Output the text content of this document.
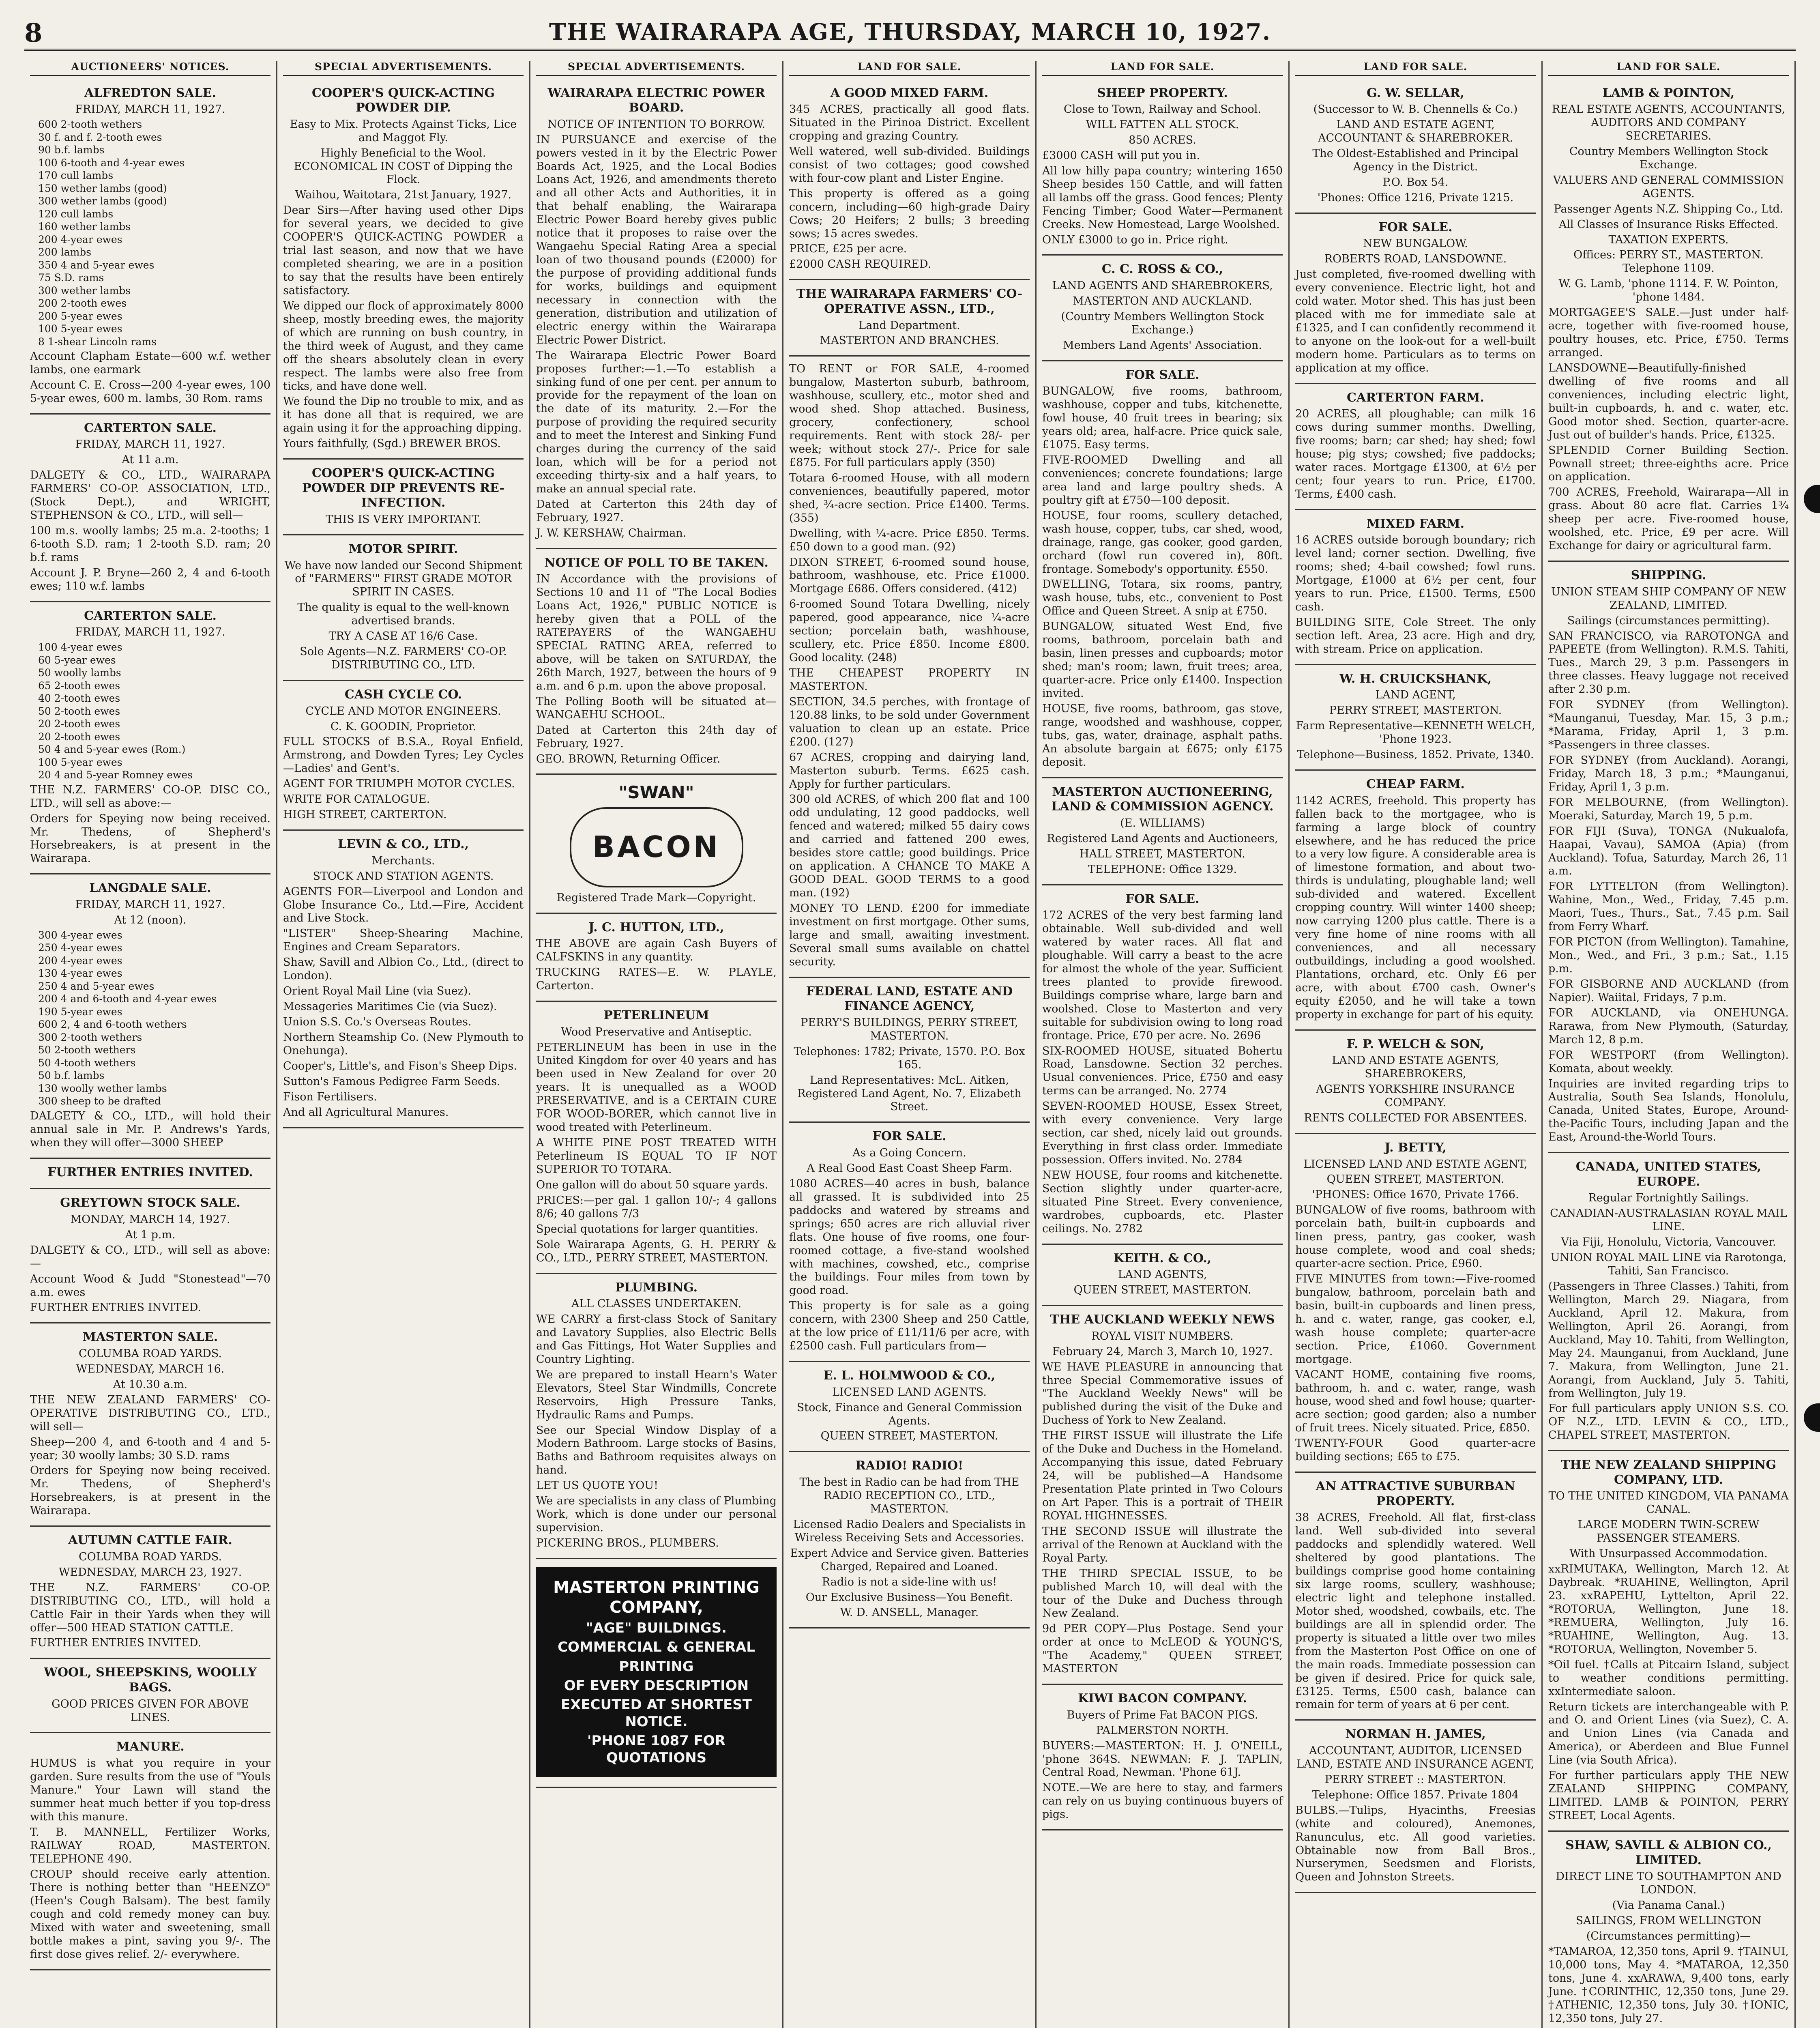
8	THE WAIRARAPA AGE, THURSDAY, MARCH 10, 1927.
AUCTIONEERS' NOTICES.
ALFREDTON SALE.
FRIDAY, MARCH 11, 1927.
600 2-tooth wethers
30 f. and f. 2-tooth ewes
90 b.f. lambs
100 6-tooth and 4-year ewes
170 cull lambs
150 wether lambs (good)
300 wether lambs (good)
120 cull lambs
160 wether lambs
200 4-year ewes
200 lambs
350 4 and 5-year ewes
75 S.D. rams
300 wether lambs
200 2-tooth ewes
200 5-year ewes
100 5-year ewes
8 1-shear Lincoln rams
Account Clapham Estate—600 w.f. wether lambs, one earmark
Account C. E. Cross—200 4-year ewes, 100 5-year ewes, 600 m. lambs, 30 Rom. rams
CARTERTON SALE.
FRIDAY, MARCH 11, 1927.
At 11 a.m.
DALGETY & CO., LTD., WAIRARAPA FARMERS' CO-OP. ASSOCIATION, LTD., (Stock Dept.), and WRIGHT, STEPHENSON & CO., LTD., will sell—
100 m.s. woolly lambs; 25 m.a. 2-tooths; 1 6-tooth S.D. ram; 1 2-tooth S.D. ram; 20 b.f. rams
Account J. P. Bryne—260 2, 4 and 6-tooth ewes; 110 w.f. lambs
CARTERTON SALE.
FRIDAY, MARCH 11, 1927.
100 4-year ewes
60 5-year ewes
50 woolly lambs
65 2-tooth ewes
40 2-tooth ewes
50 2-tooth ewes
20 2-tooth ewes
20 2-tooth ewes
50 4 and 5-year ewes (Rom.)
100 5-year ewes
20 4 and 5-year Romney ewes
THE N.Z. FARMERS' CO-OP. DISC CO., LTD., will sell as above:—
Orders for Speying now being received. Mr. Thedens, of Shepherd's Horsebreakers, is at present in the Wairarapa.
LANGDALE SALE.
FRIDAY, MARCH 11, 1927.
At 12 (noon).
300 4-year ewes
250 4-year ewes
200 4-year ewes
130 4-year ewes
250 4 and 5-year ewes
200 4 and 6-tooth and 4-year ewes
190 5-year ewes
600 2, 4 and 6-tooth wethers
300 2-tooth wethers
50 2-tooth wethers
50 4-tooth wethers
50 b.f. lambs
130 woolly wether lambs
300 sheep to be drafted
DALGETY & CO., LTD., will hold their annual sale in Mr. P. Andrews's Yards, when they will offer—3000 SHEEP
FURTHER ENTRIES INVITED.
GREYTOWN STOCK SALE.
MONDAY, MARCH 14, 1927.
At 1 p.m.
DALGETY & CO., LTD., will sell as above:—
Account Wood & Judd "Stonestead"—70 a.m. ewes
FURTHER ENTRIES INVITED.
MASTERTON SALE.
COLUMBA ROAD YARDS.
WEDNESDAY, MARCH 16.
At 10.30 a.m.
THE NEW ZEALAND FARMERS' CO-OPERATIVE DISTRIBUTING CO., LTD., will sell—
Sheep—200 4, and 6-tooth and 4 and 5-year; 30 woolly lambs; 30 S.D. rams
Orders for Speying now being received. Mr. Thedens, of Shepherd's Horsebreakers, is at present in the Wairarapa.
AUTUMN CATTLE FAIR.
COLUMBA ROAD YARDS.
WEDNESDAY, MARCH 23, 1927.
THE N.Z. FARMERS' CO-OP. DISTRIBUTING CO., LTD., will hold a Cattle Fair in their Yards when they will offer—500 HEAD STATION CATTLE.
FURTHER ENTRIES INVITED.
WOOL, SHEEPSKINS, WOOLLY BAGS.
GOOD PRICES GIVEN FOR ABOVE LINES.
MANURE.
HUMUS is what you require in your garden. Sure results from the use of "Youls Manure." Your Lawn will stand the summer heat much better if you top-dress with this manure.
T. B. MANNELL, Fertilizer Works, RAILWAY ROAD, MASTERTON. TELEPHONE 490.
CROUP should receive early attention. There is nothing better than "HEENZO" (Heen's Cough Balsam). The best family cough and cold remedy money can buy. Mixed with water and sweetening, small bottle makes a pint, saving you 9/-. The first dose gives relief. 2/- everywhere.
SPECIAL ADVERTISEMENTS.
COOPER'S QUICK-ACTING POWDER DIP.
Easy to Mix. Protects Against Ticks, Lice and Maggot Fly.
Highly Beneficial to the Wool. ECONOMICAL IN COST of Dipping the Flock.
Waihou, Waitotara, 21st January, 1927.
Dear Sirs—After having used other Dips for several years, we decided to give COOPER'S QUICK-ACTING POWDER a trial last season, and now that we have completed shearing, we are in a position to say that the results have been entirely satisfactory.
We dipped our flock of approximately 8000 sheep, mostly breeding ewes, the majority of which are running on bush country, in the third week of August, and they came off the shears absolutely clean in every respect. The lambs were also free from ticks, and have done well.
We found the Dip no trouble to mix, and as it has done all that is required, we are again using it for the approaching dipping.
Yours faithfully, (Sgd.) BREWER BROS.
COOPER'S QUICK-ACTING POWDER DIP PREVENTS RE-INFECTION.
THIS IS VERY IMPORTANT.
MOTOR SPIRIT.
We have now landed our Second Shipment of "FARMERS'" FIRST GRADE MOTOR SPIRIT IN CASES.
The quality is equal to the well-known advertised brands.
TRY A CASE AT 16/6 Case.
Sole Agents—N.Z. FARMERS' CO-OP. DISTRIBUTING CO., LTD.
CASH CYCLE CO.
CYCLE AND MOTOR ENGINEERS.
C. K. GOODIN, Proprietor.
FULL STOCKS of B.S.A., Royal Enfield, Armstrong, and Dowden Tyres; Ley Cycles—Ladies' and Gent's.
AGENT FOR TRIUMPH MOTOR CYCLES.
WRITE FOR CATALOGUE.
HIGH STREET, CARTERTON.
LEVIN & CO., LTD.,
Merchants.
STOCK AND STATION AGENTS.
AGENTS FOR—Liverpool and London and Globe Insurance Co., Ltd.—Fire, Accident and Live Stock.
"LISTER" Sheep-Shearing Machine, Engines and Cream Separators.
Shaw, Savill and Albion Co., Ltd., (direct to London).
Orient Royal Mail Line (via Suez).
Messageries Maritimes Cie (via Suez).
Union S.S. Co.'s Overseas Routes.
Northern Steamship Co. (New Plymouth to Onehunga).
Cooper's, Little's, and Fison's Sheep Dips.
Sutton's Famous Pedigree Farm Seeds.
Fison Fertilisers.
And all Agricultural Manures.
SPECIAL ADVERTISEMENTS.
WAIRARAPA ELECTRIC POWER BOARD.
NOTICE OF INTENTION TO BORROW.
IN PURSUANCE and exercise of the powers vested in it by the Electric Power Boards Act, 1925, and the Local Bodies Loans Act, 1926, and amendments thereto and all other Acts and Authorities, it in that behalf enabling, the Wairarapa Electric Power Board hereby gives public notice that it proposes to raise over the Wangaehu Special Rating Area a special loan of two thousand pounds (£2000) for the purpose of providing additional funds for works, buildings and equipment necessary in connection with the generation, distribution and utilization of electric energy within the Wairarapa Electric Power District.
The Wairarapa Electric Power Board proposes further:—1.—To establish a sinking fund of one per cent. per annum to provide for the repayment of the loan on the date of its maturity. 2.—For the purpose of providing the required security and to meet the Interest and Sinking Fund charges during the currency of the said loan, which will be for a period not exceeding thirty-six and a half years, to make an annual special rate.
Dated at Carterton this 24th day of February, 1927.
J. W. KERSHAW, Chairman.
NOTICE OF POLL TO BE TAKEN.
IN Accordance with the provisions of Sections 10 and 11 of "The Local Bodies Loans Act, 1926," PUBLIC NOTICE is hereby given that a POLL of the RATEPAYERS of the WANGAEHU SPECIAL RATING AREA, referred to above, will be taken on SATURDAY, the 26th March, 1927, between the hours of 9 a.m. and 6 p.m. upon the above proposal.
The Polling Booth will be situated at—WANGAEHU SCHOOL.
Dated at Carterton this 24th day of February, 1927.
GEO. BROWN, Returning Officer.
"SWAN"
BACON
Registered Trade Mark—Copyright.
J. C. HUTTON, LTD.,
THE ABOVE are again Cash Buyers of CALFSKINS in any quantity.
TRUCKING RATES—E. W. PLAYLE, Carterton.
PETERLINEUM
Wood Preservative and Antiseptic.
PETERLINEUM has been in use in the United Kingdom for over 40 years and has been used in New Zealand for over 20 years. It is unequalled as a WOOD PRESERVATIVE, and is a CERTAIN CURE FOR WOOD-BORER, which cannot live in wood treated with Peterlineum.
A WHITE PINE POST TREATED WITH Peterlineum IS EQUAL TO IF NOT SUPERIOR TO TOTARA.
One gallon will do about 50 square yards.
PRICES:—per gal. 1 gallon 10/-; 4 gallons 8/6; 40 gallons 7/3
Special quotations for larger quantities.
Sole Wairarapa Agents, G. H. PERRY & CO., LTD., PERRY STREET, MASTERTON.
PLUMBING.
ALL CLASSES UNDERTAKEN.
WE CARRY a first-class Stock of Sanitary and Lavatory Supplies, also Electric Bells and Gas Fittings, Hot Water Supplies and Country Lighting.
We are prepared to install Hearn's Water Elevators, Steel Star Windmills, Concrete Reservoirs, High Pressure Tanks, Hydraulic Rams and Pumps.
See our Special Window Display of a Modern Bathroom. Large stocks of Basins, Baths and Bathroom requisites always on hand.
LET US QUOTE YOU!
We are specialists in any class of Plumbing Work, which is done under our personal supervision.
PICKERING BROS., PLUMBERS.
MASTERTON PRINTING COMPANY,
"AGE" BUILDINGS.
COMMERCIAL & GENERAL
PRINTING
OF EVERY DESCRIPTION
EXECUTED AT SHORTEST NOTICE.
'PHONE 1087 FOR QUOTATIONS
LAND FOR SALE.
A GOOD MIXED FARM.
345 ACRES, practically all good flats. Situated in the Pirinoa District. Excellent cropping and grazing Country.
Well watered, well sub-divided. Buildings consist of two cottages; good cowshed with four-cow plant and Lister Engine.
This property is offered as a going concern, including—60 high-grade Dairy Cows; 20 Heifers; 2 bulls; 3 breeding sows; 15 acres swedes.
PRICE, £25 per acre.
£2000 CASH REQUIRED.
THE WAIRARAPA FARMERS' CO-OPERATIVE ASSN., LTD.,
Land Department.
MASTERTON AND BRANCHES.
TO RENT or FOR SALE, 4-roomed bungalow, Masterton suburb, bathroom, washhouse, scullery, etc., motor shed and wood shed. Shop attached. Business, grocery, confectionery, school requirements. Rent with stock 28/- per week; without stock 27/-. Price for sale £875. For full particulars apply (350)
Totara 6-roomed House, with all modern conveniences, beautifully papered, motor shed, ¾-acre section. Price £1400. Terms. (355)
Dwelling, with ¼-acre. Price £850. Terms. £50 down to a good man. (92)
DIXON STREET, 6-roomed sound house, bathroom, washhouse, etc. Price £1000. Mortgage £686. Offers considered. (412)
6-roomed Sound Totara Dwelling, nicely papered, good appearance, nice ¼-acre section; porcelain bath, washhouse, scullery, etc. Price £850. Income £800. Good locality. (248)
THE CHEAPEST PROPERTY IN MASTERTON.
SECTION, 34.5 perches, with frontage of 120.88 links, to be sold under Government valuation to clean up an estate. Price £200. (127)
67 ACRES, cropping and dairying land, Masterton suburb. Terms. £625 cash. Apply for further particulars.
300 old ACRES, of which 200 flat and 100 odd undulating, 12 good paddocks, well fenced and watered; milked 55 dairy cows and carried and fattened 200 ewes, besides store cattle; good buildings. Price on application. A CHANCE TO MAKE A GOOD DEAL. GOOD TERMS to a good man. (192)
MONEY TO LEND. £200 for immediate investment on first mortgage. Other sums, large and small, awaiting investment. Several small sums available on chattel security.
FEDERAL LAND, ESTATE AND FINANCE AGENCY,
PERRY'S BUILDINGS, PERRY STREET, MASTERTON.
Telephones: 1782; Private, 1570. P.O. Box 165.
Land Representatives: McL. Aitken, Registered Land Agent, No. 7, Elizabeth Street.
FOR SALE.
As a Going Concern.
A Real Good East Coast Sheep Farm.
1080 ACRES—40 acres in bush, balance all grassed. It is subdivided into 25 paddocks and watered by streams and springs; 650 acres are rich alluvial river flats. One house of five rooms, one four-roomed cottage, a five-stand woolshed with machines, cowshed, etc., comprise the buildings. Four miles from town by good road.
This property is for sale as a going concern, with 2300 Sheep and 250 Cattle, at the low price of £11/11/6 per acre, with £2500 cash. Full particulars from—
E. L. HOLMWOOD & CO.,
LICENSED LAND AGENTS.
Stock, Finance and General Commission Agents.
QUEEN STREET, MASTERTON.
RADIO! RADIO!
The best in Radio can be had from THE RADIO RECEPTION CO., LTD., MASTERTON.
Licensed Radio Dealers and Specialists in Wireless Receiving Sets and Accessories.
Expert Advice and Service given. Batteries Charged, Repaired and Loaned.
Radio is not a side-line with us!
Our Exclusive Business—You Benefit.
W. D. ANSELL, Manager.
LAND FOR SALE.
SHEEP PROPERTY.
Close to Town, Railway and School.
WILL FATTEN ALL STOCK.
850 ACRES.
£3000 CASH will put you in.
All low hilly papa country; wintering 1650 Sheep besides 150 Cattle, and will fatten all lambs off the grass. Good fences; Plenty Fencing Timber; Good Water—Permanent Creeks. New Homestead, Large Woolshed.
ONLY £3000 to go in. Price right.
C. C. ROSS & CO.,
LAND AGENTS AND SHAREBROKERS,
MASTERTON AND AUCKLAND.
(Country Members Wellington Stock Exchange.)
Members Land Agents' Association.
FOR SALE.
BUNGALOW, five rooms, bathroom, washhouse, copper and tubs, kitchenette, fowl house, 40 fruit trees in bearing; six years old; area, half-acre. Price quick sale, £1075. Easy terms.
FIVE-ROOMED Dwelling and all conveniences; concrete foundations; large area land and large poultry sheds. A poultry gift at £750—100 deposit.
HOUSE, four rooms, scullery detached, wash house, copper, tubs, car shed, wood, drainage, range, gas cooker, good garden, orchard (fowl run covered in), 80ft. frontage. Somebody's opportunity. £550.
DWELLING, Totara, six rooms, pantry, wash house, tubs, etc., convenient to Post Office and Queen Street. A snip at £750.
BUNGALOW, situated West End, five rooms, bathroom, porcelain bath and basin, linen presses and cupboards; motor shed; man's room; lawn, fruit trees; area, quarter-acre. Price only £1400. Inspection invited.
HOUSE, five rooms, bathroom, gas stove, range, woodshed and washhouse, copper, tubs, gas, water, drainage, asphalt paths. An absolute bargain at £675; only £175 deposit.
MASTERTON AUCTIONEERING, LAND & COMMISSION AGENCY.
(E. WILLIAMS)
Registered Land Agents and Auctioneers,
HALL STREET, MASTERTON.
TELEPHONE: Office 1329.
FOR SALE.
172 ACRES of the very best farming land obtainable. Well sub-divided and well watered by water races. All flat and ploughable. Will carry a beast to the acre for almost the whole of the year. Sufficient trees planted to provide firewood. Buildings comprise whare, large barn and woolshed. Close to Masterton and very suitable for subdivision owing to long road frontage. Price, £70 per acre. No. 2696
SIX-ROOMED HOUSE, situated Bohertu Road, Lansdowne. Section 32 perches. Usual conveniences. Price, £750 and easy terms can be arranged. No. 2774
SEVEN-ROOMED HOUSE, Essex Street, with every convenience. Very large section, car shed, nicely laid out grounds. Everything in first class order. Immediate possession. Offers invited. No. 2784
NEW HOUSE, four rooms and kitchenette. Section slightly under quarter-acre, situated Pine Street. Every convenience, wardrobes, cupboards, etc. Plaster ceilings. No. 2782
KEITH. & CO.,
LAND AGENTS,
QUEEN STREET, MASTERTON.
THE AUCKLAND WEEKLY NEWS
ROYAL VISIT NUMBERS.
February 24, March 3, March 10, 1927.
WE HAVE PLEASURE in announcing that three Special Commemorative issues of "The Auckland Weekly News" will be published during the visit of the Duke and Duchess of York to New Zealand.
THE FIRST ISSUE will illustrate the Life of the Duke and Duchess in the Homeland. Accompanying this issue, dated February 24, will be published—A Handsome Presentation Plate printed in Two Colours on Art Paper. This is a portrait of THEIR ROYAL HIGHNESSES.
THE SECOND ISSUE will illustrate the arrival of the Renown at Auckland with the Royal Party.
THE THIRD SPECIAL ISSUE, to be published March 10, will deal with the tour of the Duke and Duchess through New Zealand.
9d PER COPY—Plus Postage. Send your order at once to McLEOD & YOUNG'S, "The Academy," QUEEN STREET, MASTERTON
KIWI BACON COMPANY.
Buyers of Prime Fat BACON PIGS.
PALMERSTON NORTH.
BUYERS:—MASTERTON: H. J. O'NEILL, 'phone 364S. NEWMAN: F. J. TAPLIN, Central Road, Newman. 'Phone 61J.
NOTE.—We are here to stay, and farmers can rely on us buying continuous buyers of pigs.
LAND FOR SALE.
G. W. SELLAR,
(Successor to W. B. Chennells & Co.)
LAND AND ESTATE AGENT, ACCOUNTANT & SHAREBROKER.
The Oldest-Established and Principal Agency in the District.
P.O. Box 54.
'Phones: Office 1216, Private 1215.
FOR SALE.
NEW BUNGALOW.
ROBERTS ROAD, LANSDOWNE.
Just completed, five-roomed dwelling with every convenience. Electric light, hot and cold water. Motor shed. This has just been placed with me for immediate sale at £1325, and I can confidently recommend it to anyone on the look-out for a well-built modern home. Particulars as to terms on application at my office.
CARTERTON FARM.
20 ACRES, all ploughable; can milk 16 cows during summer months. Dwelling, five rooms; barn; car shed; hay shed; fowl house; pig stys; cowshed; five paddocks; water races. Mortgage £1300, at 6½ per cent; four years to run. Price, £1700. Terms, £400 cash.
MIXED FARM.
16 ACRES outside borough boundary; rich level land; corner section. Dwelling, five rooms; shed; 4-bail cowshed; fowl runs. Mortgage, £1000 at 6½ per cent, four years to run. Price, £1500. Terms, £500 cash.
BUILDING SITE, Cole Street. The only section left. Area, 23 acre. High and dry, with stream. Price on application.
W. H. CRUICKSHANK,
LAND AGENT,
PERRY STREET, MASTERTON.
Farm Representative—KENNETH WELCH, 'Phone 1923.
Telephone—Business, 1852. Private, 1340.
CHEAP FARM.
1142 ACRES, freehold. This property has fallen back to the mortgagee, who is farming a large block of country elsewhere, and he has reduced the price to a very low figure. A considerable area is of limestone formation, and about two-thirds is undulating, ploughable land; well sub-divided and watered. Excellent cropping country. Will winter 1400 sheep; now carrying 1200 plus cattle. There is a very fine home of nine rooms with all conveniences, and all necessary outbuildings, including a good woolshed. Plantations, orchard, etc. Only £6 per acre, with about £700 cash. Owner's equity £2050, and he will take a town property in exchange for part of his equity.
F. P. WELCH & SON,
LAND AND ESTATE AGENTS, SHAREBROKERS,
AGENTS YORKSHIRE INSURANCE COMPANY.
RENTS COLLECTED FOR ABSENTEES.
J. BETTY,
LICENSED LAND AND ESTATE AGENT,
QUEEN STREET, MASTERTON.
'PHONES: Office 1670, Private 1766.
BUNGALOW of five rooms, bathroom with porcelain bath, built-in cupboards and linen press, pantry, gas cooker, wash house complete, wood and coal sheds; quarter-acre section. Price, £960.
FIVE MINUTES from town:—Five-roomed bungalow, bathroom, porcelain bath and basin, built-in cupboards and linen press, h. and c. water, range, gas cooker, e.l, wash house complete; quarter-acre section. Price, £1060. Government mortgage.
VACANT HOME, containing five rooms, bathroom, h. and c. water, range, wash house, wood shed and fowl house; quarter-acre section; good garden; also a number of fruit trees. Nicely situated. Price, £850.
TWENTY-FOUR Good quarter-acre building sections; £65 to £75.
AN ATTRACTIVE SUBURBAN PROPERTY.
38 ACRES, Freehold. All flat, first-class land. Well sub-divided into several paddocks and splendidly watered. Well sheltered by good plantations. The buildings comprise good home containing six large rooms, scullery, washhouse; electric light and telephone installed. Motor shed, woodshed, cowbails, etc. The buildings are all in splendid order. The property is situated a little over two miles from the Masterton Post Office on one of the main roads. Immediate possession can be given if desired. Price for quick sale, £3125. Terms, £500 cash, balance can remain for term of years at 6 per cent.
NORMAN H. JAMES,
ACCOUNTANT, AUDITOR, LICENSED LAND, ESTATE AND INSURANCE AGENT,
PERRY STREET :: MASTERTON.
Telephone: Office 1857. Private 1804
BULBS.—Tulips, Hyacinths, Freesias (white and coloured), Anemones, Ranunculus, etc. All good varieties. Obtainable now from Ball Bros., Nurserymen, Seedsmen and Florists, Queen and Johnston Streets.
LAND FOR SALE.
LAMB & POINTON,
REAL ESTATE AGENTS, ACCOUNTANTS, AUDITORS AND COMPANY SECRETARIES.
Country Members Wellington Stock Exchange.
VALUERS AND GENERAL COMMISSION AGENTS.
Passenger Agents N.Z. Shipping Co., Ltd.
All Classes of Insurance Risks Effected.
TAXATION EXPERTS.
Offices: PERRY ST., MASTERTON. Telephone 1109.
W. G. Lamb, 'phone 1114. F. W. Pointon, 'phone 1484.
MORTGAGEE'S SALE.—Just under half-acre, together with five-roomed house, poultry houses, etc. Price, £750. Terms arranged.
LANSDOWNE—Beautifully-finished dwelling of five rooms and all conveniences, including electric light, built-in cupboards, h. and c. water, etc. Good motor shed. Section, quarter-acre. Just out of builder's hands. Price, £1325.
SPLENDID Corner Building Section. Pownall street; three-eighths acre. Price on application.
700 ACRES, Freehold, Wairarapa—All in grass. About 80 acre flat. Carries 1¾ sheep per acre. Five-roomed house, woolshed, etc. Price, £9 per acre. Will Exchange for dairy or agricultural farm.
SHIPPING.
UNION STEAM SHIP COMPANY OF NEW ZEALAND, LIMITED.
Sailings (circumstances permitting).
SAN FRANCISCO, via RAROTONGA and PAPEETE (from Wellington). R.M.S. Tahiti, Tues., March 29, 3 p.m. Passengers in three classes. Heavy luggage not received after 2.30 p.m.
FOR SYDNEY (from Wellington). *Maunganui, Tuesday, Mar. 15, 3 p.m.; *Marama, Friday, April 1, 3 p.m. *Passengers in three classes.
FOR SYDNEY (from Auckland). Aorangi, Friday, March 18, 3 p.m.; *Maunganui, Friday, April 1, 3 p.m.
FOR MELBOURNE, (from Wellington). Moeraki, Saturday, March 19, 5 p.m.
FOR FIJI (Suva), TONGA (Nukualofa, Haapai, Vavau), SAMOA (Apia) (from Auckland). Tofua, Saturday, March 26, 11 a.m.
FOR LYTTELTON (from Wellington). Wahine, Mon., Wed., Friday, 7.45 p.m. Maori, Tues., Thurs., Sat., 7.45 p.m. Sail from Ferry Wharf.
FOR PICTON (from Wellington). Tamahine, Mon., Wed., and Fri., 3 p.m.; Sat., 1.15 p.m.
FOR GISBORNE AND AUCKLAND (from Napier). Waiital, Fridays, 7 p.m.
FOR AUCKLAND, via ONEHUNGA. Rarawa, from New Plymouth, (Saturday, March 12, 8 p.m.
FOR WESTPORT (from Wellington). Komata, about weekly.
Inquiries are invited regarding trips to Australia, South Sea Islands, Honolulu, Canada, United States, Europe, Around-the-Pacific Tours, including Japan and the East, Around-the-World Tours.
CANADA, UNITED STATES, EUROPE.
Regular Fortnightly Sailings.
CANADIAN-AUSTRALASIAN ROYAL MAIL LINE.
Via Fiji, Honolulu, Victoria, Vancouver.
UNION ROYAL MAIL LINE via Rarotonga, Tahiti, San Francisco.
(Passengers in Three Classes.) Tahiti, from Wellington, March 29. Niagara, from Auckland, April 12. Makura, from Wellington, April 26. Aorangi, from Auckland, May 10. Tahiti, from Wellington, May 24. Maunganui, from Auckland, June 7. Makura, from Wellington, June 21. Aorangi, from Auckland, July 5. Tahiti, from Wellington, July 19.
For full particulars apply UNION S.S. CO. OF N.Z., LTD. LEVIN & CO., LTD., CHAPEL STREET, MASTERTON.
THE NEW ZEALAND SHIPPING COMPANY, LTD.
TO THE UNITED KINGDOM, VIA PANAMA CANAL.
LARGE MODERN TWIN-SCREW PASSENGER STEAMERS.
With Unsurpassed Accommodation.
xxRIMUTAKA, Wellington, March 12. At Daybreak. *RUAHINE, Wellington, April 23. xxRAPEHU, Lyttelton, April 22. *ROTORUA, Wellington, June 18. *REMUERA, Wellington, July 16. *RUAHINE, Wellington, Aug. 13. *ROTORUA, Wellington, November 5.
*Oil fuel. †Calls at Pitcairn Island, subject to weather conditions permitting. xxIntermediate saloon.
Return tickets are interchangeable with P. and O. and Orient Lines (via Suez), C. A. and Union Lines (via Canada and America), or Aberdeen and Blue Funnel Line (via South Africa).
For further particulars apply THE NEW ZEALAND SHIPPING COMPANY, LIMITED. LAMB & POINTON, PERRY STREET, Local Agents.
SHAW, SAVILL & ALBION CO., LIMITED.
DIRECT LINE TO SOUTHAMPTON AND LONDON.
(Via Panama Canal.)
SAILINGS, FROM WELLINGTON
(Circumstances permitting)—
*TAMAROA, 12,350 tons, April 9. †TAINUI, 10,000 tons, May 4. *MATAROA, 12,350 tons, June 4. xxARAWA, 9,400 tons, early June. †CORINTHIC, 12,350 tons, June 29. †ATHENIC, 12,350 tons, July 30. †IONIC, 12,350 tons, July 27.
